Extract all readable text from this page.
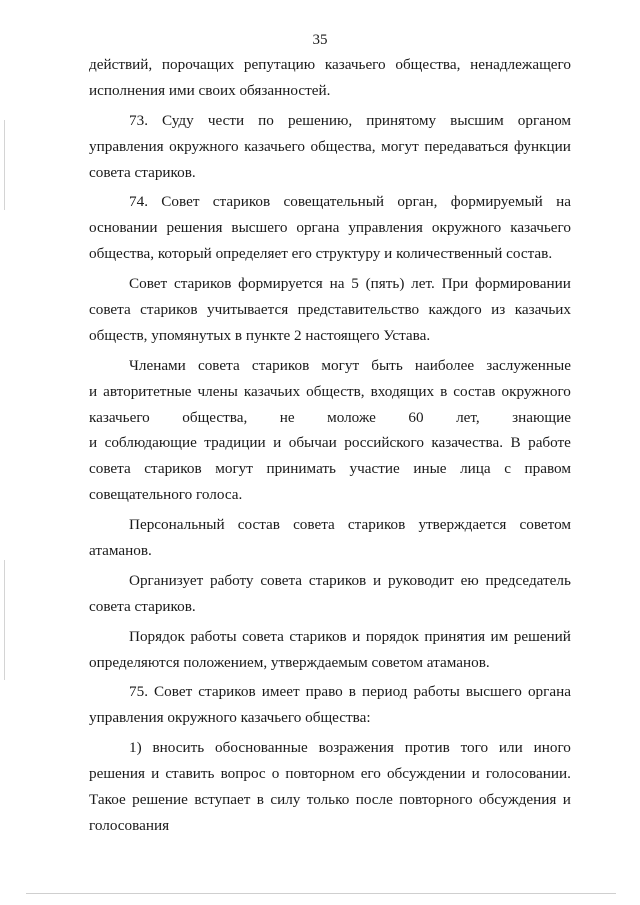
35
действий, порочащих репутацию казачьего общества, ненадлежащего
исполнения ими своих обязанностей.
73. Суду чести по решению, принятому высшим органом
управления окружного казачьего общества, могут передаваться функции
совета стариков.
74. Совет стариков совещательный орган, формируемый на
основании решения высшего органа управления окружного казачьего
общества, который определяет его структуру и количественный состав.
Совет стариков формируется на 5 (пять) лет. При формировании
совета стариков учитывается представительство каждого из казачьих
обществ, упомянутых в пункте 2 настоящего Устава.
Членами совета стариков могут быть наиболее заслуженные
и авторитетные члены казачьих обществ, входящих в состав окружного
казачьего общества, не моложе 60 лет, знающие
и соблюдающие традиции и обычаи российского казачества. В работе
совета стариков могут принимать участие иные лица с правом
совещательного голоса.
Персональный состав совета стариков утверждается советом
атаманов.
Организует работу совета стариков и руководит ею председатель
совета стариков.
Порядок работы совета стариков и порядок принятия им решений
определяются положением, утверждаемым советом атаманов.
75. Совет стариков имеет право в период работы высшего органа
управления окружного казачьего общества:
1) вносить обоснованные возражения против того или иного
решения и ставить вопрос о повторном его обсуждении и голосовании.
Такое решение вступает в силу только после повторного обсуждения и
голосования
